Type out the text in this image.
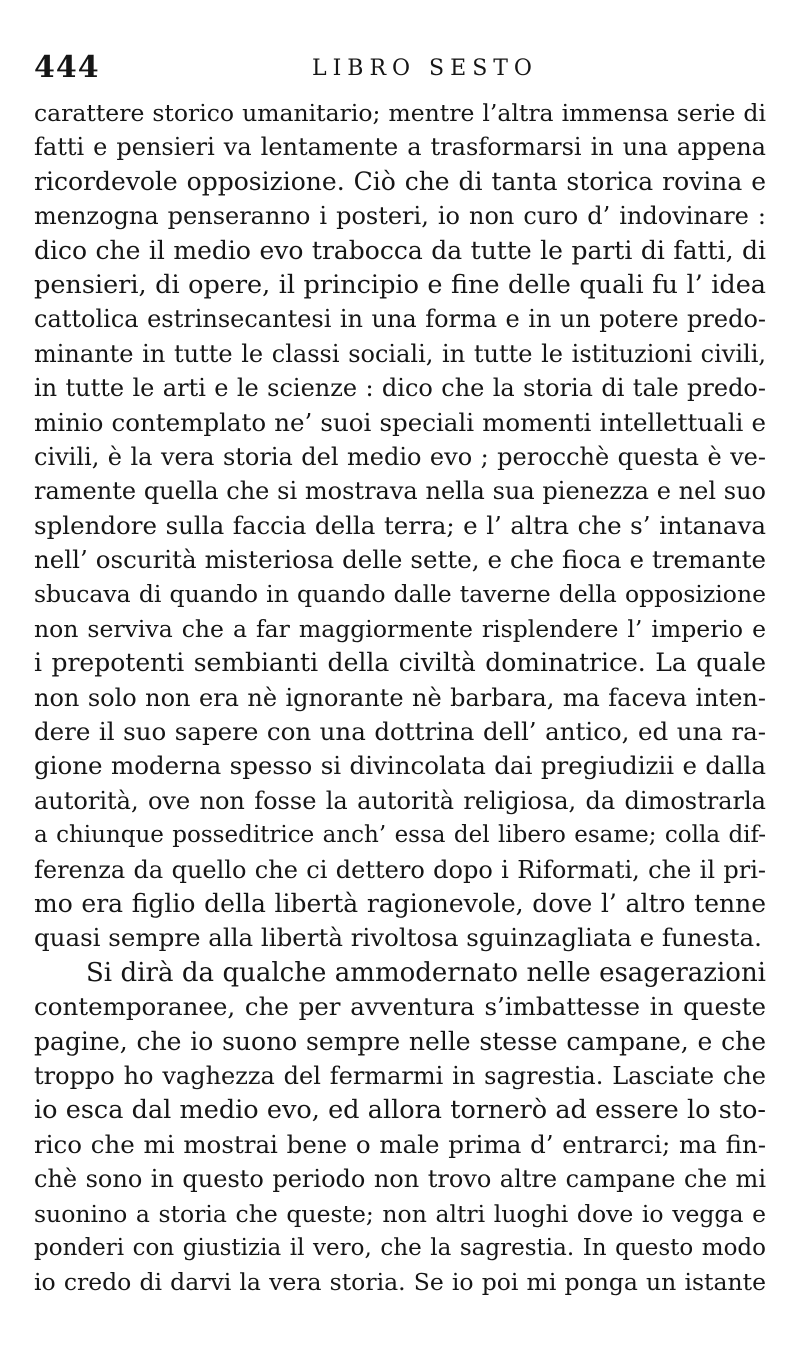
444	LIBRO SESTO
carattere storico umanitario; mentre l’altra immensa serie di
fatti e pensieri va lentamente a trasformarsi in una appena
ricordevole opposizione. Ciò che di tanta storica rovina e
menzogna penseranno i posteri, io non curo d’ indovinare :
dico che il medio evo trabocca da tutte le parti di fatti, di
pensieri, di opere, il principio e fine delle quali fu l’ idea
cattolica estrinsecantesi in una forma e in un potere predo-
minante in tutte le classi sociali, in tutte le istituzioni civili,
in tutte le arti e le scienze : dico che la storia di tale predo-
minio contemplato ne’ suoi speciali momenti intellettuali e
civili, è la vera storia del medio evo ; perocchè questa è ve-
ramente quella che si mostrava nella sua pienezza e nel suo
splendore sulla faccia della terra; e l’ altra che s’ intanava
nell’ oscurità misteriosa delle sette, e che fioca e tremante
sbucava di quando in quando dalle taverne della opposizione
non serviva che a far maggiormente risplendere l’ imperio e
i prepotenti sembianti della civiltà dominatrice. La quale
non solo non era nè ignorante nè barbara, ma faceva inten-
dere il suo sapere con una dottrina dell’ antico, ed una ra-
gione moderna spesso si divincolata dai pregiudizii e dalla
autorità, ove non fosse la autorità religiosa, da dimostrarla
a chiunque posseditrice anch’ essa del libero esame; colla dif-
ferenza da quello che ci dettero dopo i Riformati, che il pri-
mo era figlio della libertà ragionevole, dove l’ altro tenne
quasi sempre alla libertà rivoltosa sguinzagliata e funesta.
Si dirà da qualche ammodernato nelle esagerazioni
contemporanee, che per avventura s’imbattesse in queste
pagine, che io suono sempre nelle stesse campane, e che
troppo ho vaghezza del fermarmi in sagrestia. Lasciate che
io esca dal medio evo, ed allora tornerò ad essere lo sto-
rico che mi mostrai bene o male prima d’ entrarci; ma fin-
chè sono in questo periodo non trovo altre campane che mi
suonino a storia che queste; non altri luoghi dove io vegga e
ponderi con giustizia il vero, che la sagrestia. In questo modo
io credo di darvi la vera storia. Se io poi mi ponga un istante
